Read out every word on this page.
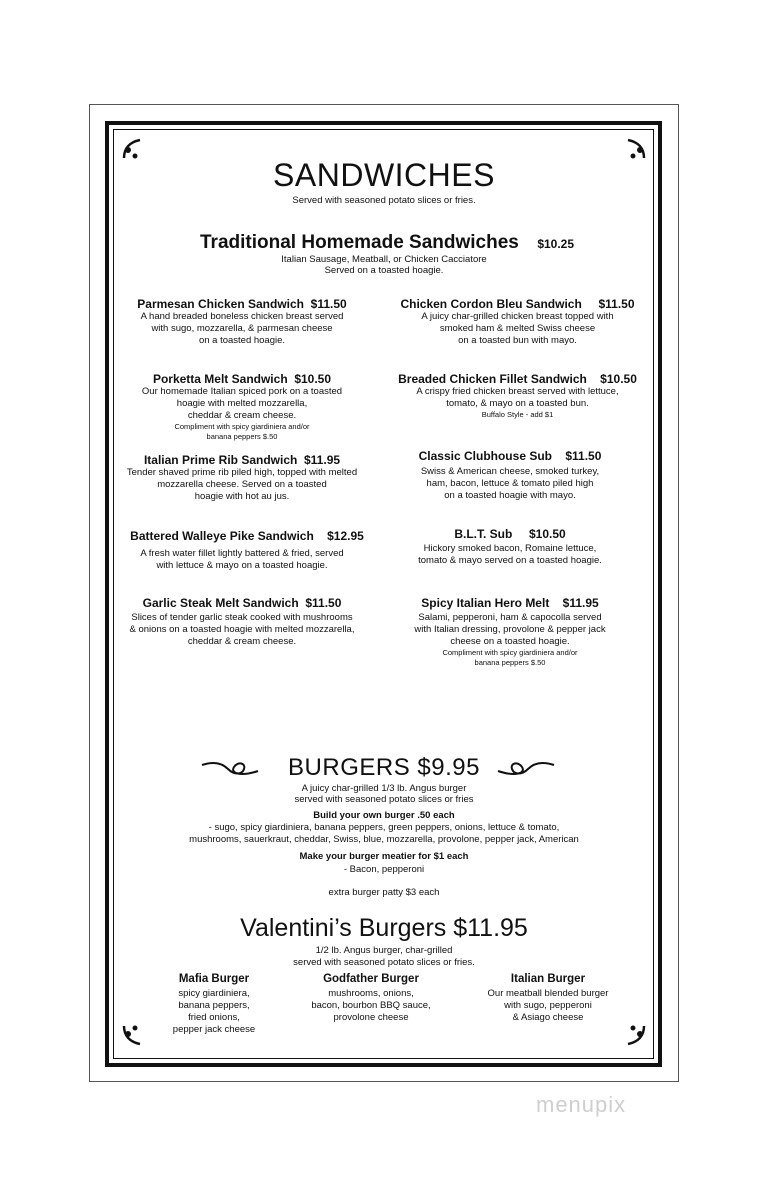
SANDWICHES
Served with seasoned potato slices or fries.
Traditional Homemade Sandwiches $10.25
Italian Sausage, Meatball, or Chicken Cacciatore
Served on a toasted hoagie.
Parmesan Chicken Sandwich $11.50
A hand breaded boneless chicken breast served
with sugo, mozzarella, & parmesan cheese
on a toasted hoagie.
Porketta Melt Sandwich $10.50
Our homemade Italian spiced pork on a toasted
hoagie with melted mozzarella,
cheddar & cream cheese.
Compliment with spicy giardiniera and/or
banana peppers $.50
Italian Prime Rib Sandwich $11.95
Tender shaved prime rib piled high, topped with melted
mozzarella cheese. Served on a toasted
hoagie with hot au jus.
Battered Walleye Pike Sandwich $12.95
A fresh water fillet lightly battered & fried, served
with lettuce & mayo on a toasted hoagie.
Garlic Steak Melt Sandwich $11.50
Slices of tender garlic steak cooked with mushrooms
& onions on a toasted hoagie with melted mozzarella,
cheddar & cream cheese.
Chicken Cordon Bleu Sandwich $11.50
A juicy char-grilled chicken breast topped with
smoked ham & melted Swiss cheese
on a toasted bun with mayo.
Breaded Chicken Fillet Sandwich $10.50
A crispy fried chicken breast served with lettuce,
tomato, & mayo on a toasted bun.
Buffalo Style - add $1
Classic Clubhouse Sub $11.50
Swiss & American cheese, smoked turkey,
ham, bacon, lettuce & tomato piled high
on a toasted hoagie with mayo.
B.L.T. Sub $10.50
Hickory smoked bacon, Romaine lettuce,
tomato & mayo served on a toasted hoagie.
Spicy Italian Hero Melt $11.95
Salami, pepperoni, ham & capocolla served
with Italian dressing, provolone & pepper jack
cheese on a toasted hoagie.
Compliment with spicy giardiniera and/or
banana peppers $.50
BURGERS $9.95
A juicy char-grilled 1/3 lb. Angus burger
served with seasoned potato slices or fries
Build your own burger .50 each
- sugo, spicy giardiniera, banana peppers, green peppers, onions, lettuce & tomato,
mushrooms, sauerkraut, cheddar, Swiss, blue, mozzarella, provolone, pepper jack, American
Make your burger meatier for $1 each
- Bacon, pepperoni
extra burger patty $3 each
Valentini’s Burgers $11.95
1/2 lb. Angus burger, char-grilled
served with seasoned potato slices or fries.
Mafia Burger
spicy giardiniera,
banana peppers,
fried onions,
pepper jack cheese
Godfather Burger
mushrooms, onions,
bacon, bourbon BBQ sauce,
provolone cheese
Italian Burger
Our meatball blended burger
with sugo, pepperoni
& Asiago cheese
menupix
